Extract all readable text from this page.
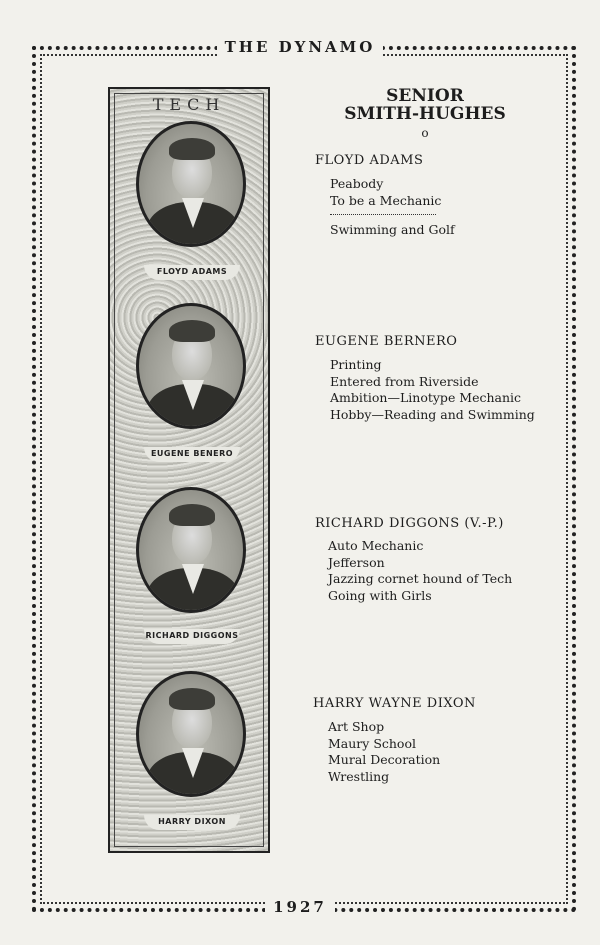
THE DYNAMO
TECH
FLOYD ADAMS
EUGENE BENERO
RICHARD DIGGONS
HARRY DIXON
SENIOR
SMITH-HUGHES
o
FLOYD ADAMS
Peabody
To be a Mechanic
Swimming and Golf
EUGENE BERNERO
Printing
Entered from Riverside
Ambition—Linotype Mechanic
Hobby—Reading and Swimming
RICHARD DIGGONS (V.-P.)
Auto Mechanic
Jefferson
Jazzing cornet hound of Tech
Going with Girls
HARRY WAYNE DIXON
Art Shop
Maury School
Mural Decoration
Wrestling
1927
